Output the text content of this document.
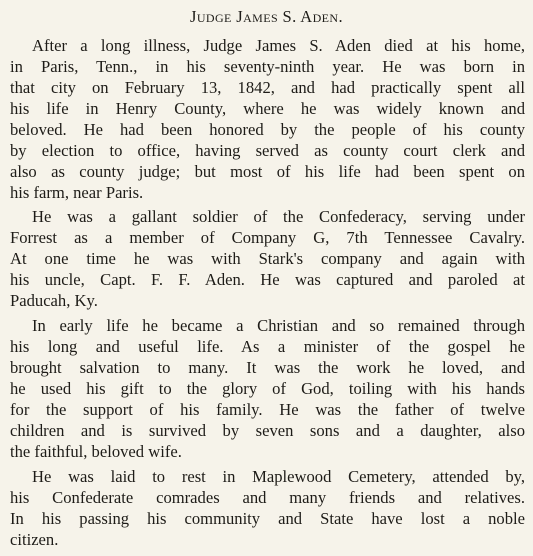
Judge James S. Aden.
After a long illness, Judge James S. Aden died at his home,
in Paris, Tenn., in his seventy-ninth year. He was born in
that city on February 13, 1842, and had practically spent all
his life in Henry County, where he was widely known and
beloved. He had been honored by the people of his county
by election to office, having served as county court clerk and
also as county judge; but most of his life had been spent on
his farm, near Paris.
He was a gallant soldier of the Confederacy, serving under
Forrest as a member of Company G, 7th Tennessee Cavalry.
At one time he was with Stark's company and again with
his uncle, Capt. F. F. Aden. He was captured and paroled at
Paducah, Ky.
In early life he became a Christian and so remained through
his long and useful life. As a minister of the gospel he
brought salvation to many. It was the work he loved, and
he used his gift to the glory of God, toiling with his hands
for the support of his family. He was the father of twelve
children and is survived by seven sons and a daughter, also
the faithful, beloved wife.
He was laid to rest in Maplewood Cemetery, attended by,
his Confederate comrades and many friends and relatives.
In his passing his community and State have lost a noble
citizen.
